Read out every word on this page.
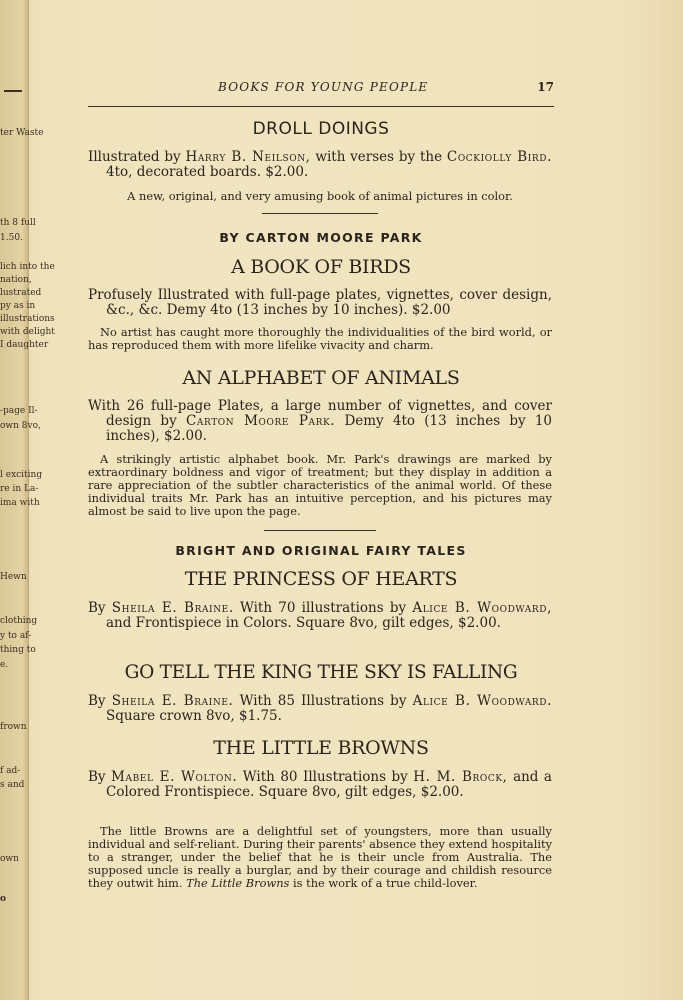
ter Waste
th 8 full
1.50.
lich into the
nation,
lustrated
py as in
illustrations
with delight
I daughter
-page Il-
own 8vo,
l exciting
re in La-
ima with
Hewn
clothing
y to af-
thing to
e.
frown
f ad-
s and
own
o
BOOKS FOR YOUNG PEOPLE	17
DROLL DOINGS
Illustrated by Harry B. Neilson, with verses by the Cockiolly Bird. 4to, decorated boards. $2.00.
A new, original, and very amusing book of animal pictures in color.
BY CARTON MOORE PARK
A BOOK OF BIRDS
Profusely Illustrated with full-page plates, vignettes, cover design, &c., &c. Demy 4to (13 inches by 10 inches). $2.00
No artist has caught more thoroughly the individualities of the bird world, or has reproduced them with more lifelike vivacity and charm.
AN ALPHABET OF ANIMALS
With 26 full-page Plates, a large number of vignettes, and cover design by Carton Moore Park. Demy 4to (13 inches by 10 inches), $2.00.
A strikingly artistic alphabet book. Mr. Park's drawings are marked by extraordinary boldness and vigor of treatment; but they display in addition a rare appreciation of the subtler characteristics of the animal world. Of these individual traits Mr. Park has an intuitive perception, and his pictures may almost be said to live upon the page.
BRIGHT AND ORIGINAL FAIRY TALES
THE PRINCESS OF HEARTS
By Sheila E. Braine. With 70 illustrations by Alice B. Woodward, and Frontispiece in Colors. Square 8vo, gilt edges, $2.00.
GO TELL THE KING THE SKY IS FALLING
By Sheila E. Braine. With 85 Illustrations by Alice B. Woodward. Square crown 8vo, $1.75.
THE LITTLE BROWNS
By Mabel E. Wolton. With 80 Illustrations by H. M. Brock, and a Colored Frontispiece. Square 8vo, gilt edges, $2.00.
The little Browns are a delightful set of youngsters, more than usually individual and self-reliant. During their parents' absence they extend hospitality to a stranger, under the belief that he is their uncle from Australia. The supposed uncle is really a burglar, and by their courage and childish resource they outwit him. The Little Browns is the work of a true child-lover.
